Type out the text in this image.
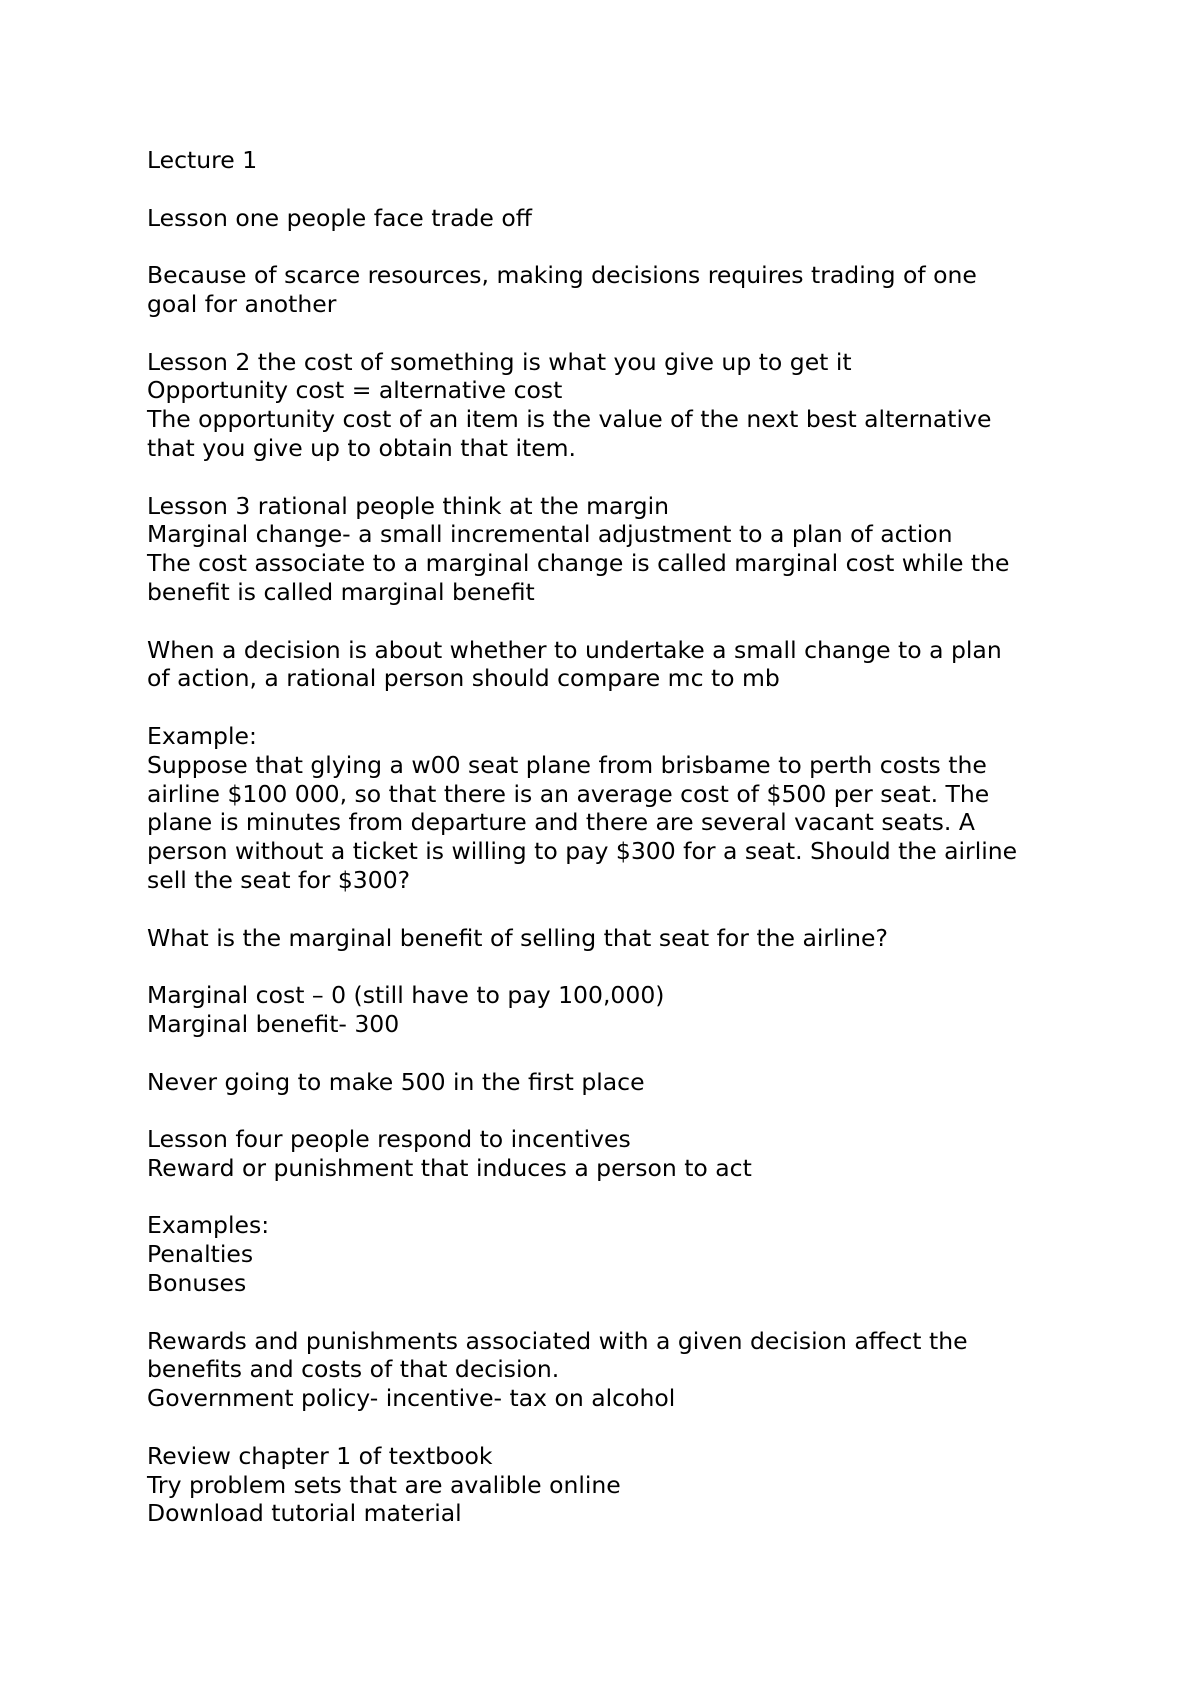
Lecture 1
Lesson one people face trade off
Because of scarce resources, making decisions requires trading of one
goal for another
Lesson 2 the cost of something is what you give up to get it
Opportunity cost = alternative cost
The opportunity cost of an item is the value of the next best alternative
that you give up to obtain that item.
Lesson 3 rational people think at the margin
Marginal change- a small incremental adjustment to a plan of action
The cost associate to a marginal change is called marginal cost while the
benefit is called marginal benefit
When a decision is about whether to undertake a small change to a plan
of action, a rational person should compare mc to mb
Example:
Suppose that glying a w00 seat plane from brisbame to perth costs the
airline $100 000, so that there is an average cost of $500 per seat. The
plane is minutes from departure and there are several vacant seats. A
person without a ticket is willing to pay $300 for a seat. Should the airline
sell the seat for $300?
What is the marginal benefit of selling that seat for the airline?
Marginal cost – 0 (still have to pay 100,000)
Marginal benefit- 300
Never going to make 500 in the first place
Lesson four people respond to incentives
Reward or punishment that induces a person to act
Examples:
Penalties
Bonuses
Rewards and punishments associated with a given decision affect the
benefits and costs of that decision.
Government policy- incentive- tax on alcohol
Review chapter 1 of textbook
Try problem sets that are avalible online
Download tutorial material
